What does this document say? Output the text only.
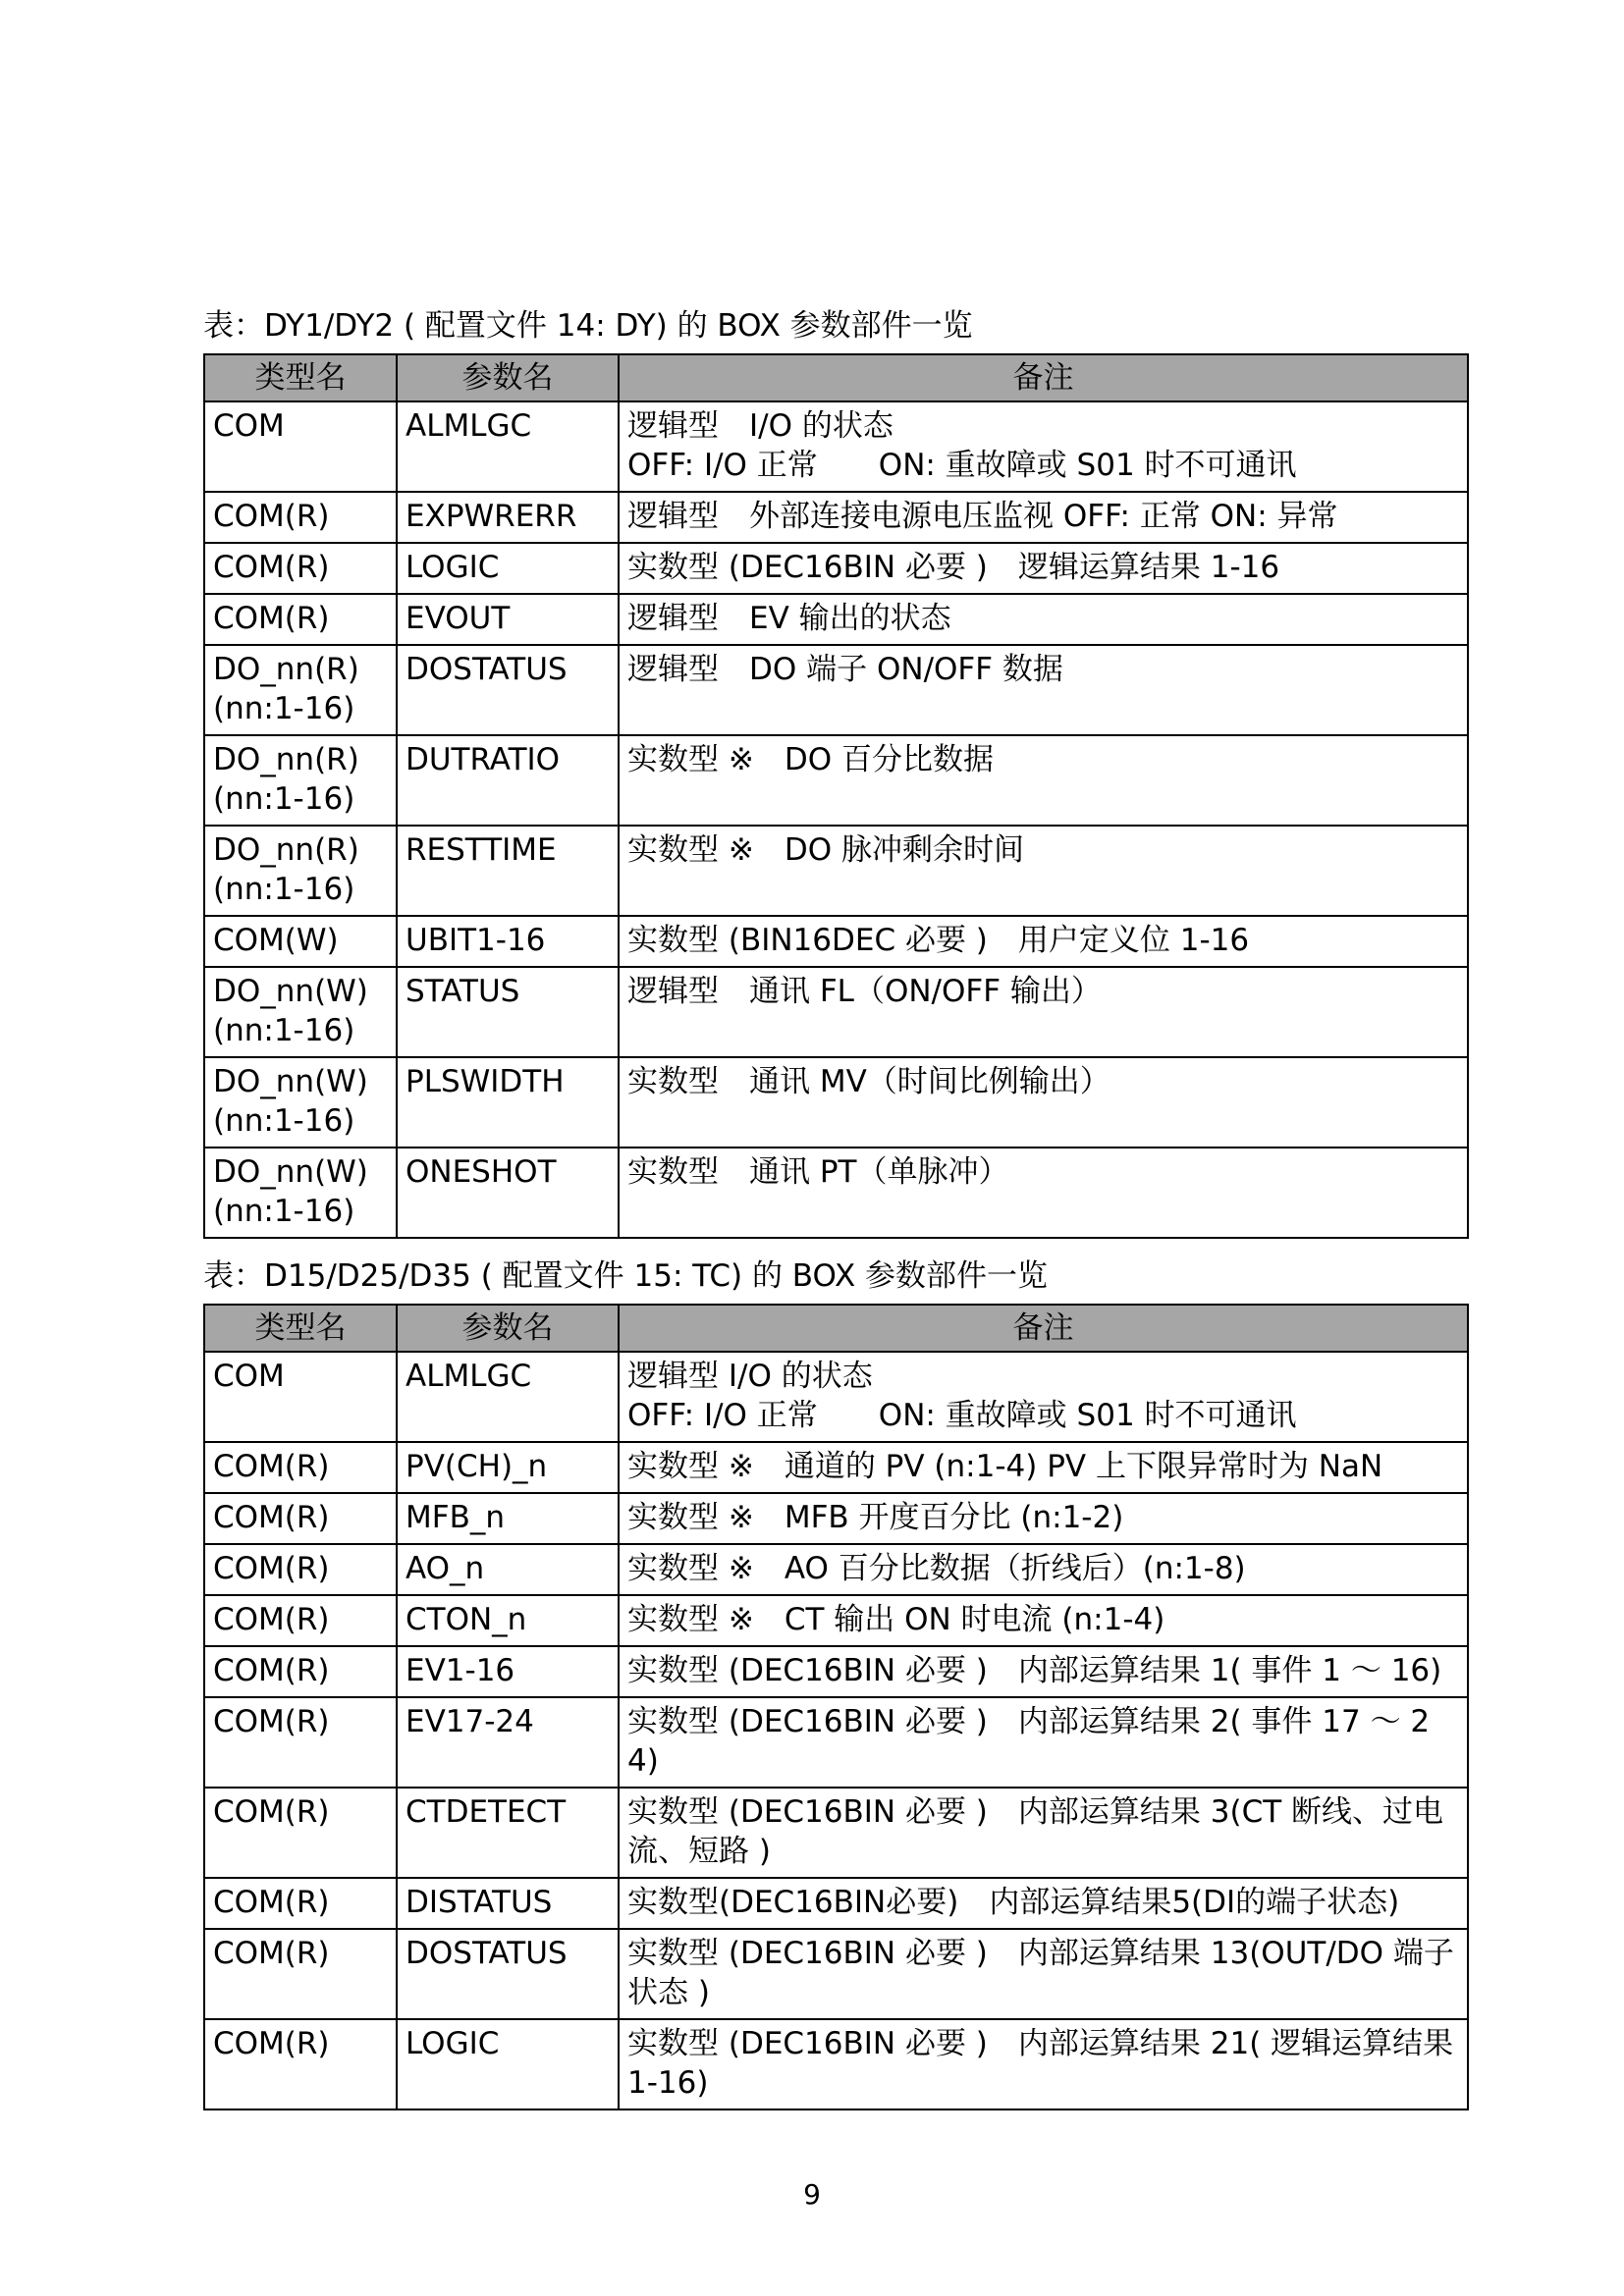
表：DY1/DY2 ( 配置文件 14: DY) 的 BOX 参数部件一览
类型名	参数名	备注

COM	ALMLGC	逻辑型　I/O 的状态
OFF: I/O 正常　　ON: 重故障或 S01 时不可通讯

COM(R)	EXPWRERR	逻辑型　外部连接电源电压监视 OFF: 正常 ON: 异常

COM(R)	LOGIC	实数型 (DEC16BIN 必要 )　逻辑运算结果 1-16

COM(R)	EVOUT	逻辑型　EV 输出的状态

DO_nn(R)
(nn:1-16)	DOSTATUS	逻辑型　DO 端子 ON/OFF 数据

DO_nn(R)
(nn:1-16)	DUTRATIO	实数型 ※　DO 百分比数据

DO_nn(R)
(nn:1-16)	RESTTIME	实数型 ※　DO 脉冲剩余时间

COM(W)	UBIT1-16	实数型 (BIN16DEC 必要 )　用户定义位 1-16

DO_nn(W)
(nn:1-16)	STATUS	逻辑型　通讯 FL（ON/OFF 输出）

DO_nn(W)
(nn:1-16)	PLSWIDTH	实数型　通讯 MV（时间比例输出）

DO_nn(W)
(nn:1-16)	ONESHOT	实数型　通讯 PT（单脉冲）
表：D15/D25/D35 ( 配置文件 15: TC) 的 BOX 参数部件一览
类型名	参数名	备注

COM	ALMLGC	逻辑型 I/O 的状态
OFF: I/O 正常　　ON: 重故障或 S01 时不可通讯

COM(R)	PV(CH)_n	实数型 ※　通道的 PV (n:1-4) PV 上下限异常时为 NaN

COM(R)	MFB_n	实数型 ※　MFB 开度百分比 (n:1-2)

COM(R)	AO_n	实数型 ※　AO 百分比数据（折线后）(n:1-8)

COM(R)	CTON_n	实数型 ※　CT 输出 ON 时电流 (n:1-4)

COM(R)	EV1-16	实数型 (DEC16BIN 必要 )　内部运算结果 1( 事件 1 ～ 16)

COM(R)	EV17-24	实数型 (DEC16BIN 必要 )　内部运算结果 2( 事件 17 ～ 24)

COM(R)	CTDETECT	实数型 (DEC16BIN 必要 )　内部运算结果 3(CT 断线、过电流、短路 )

COM(R)	DISTATUS	实数型(DEC16BIN必要)　内部运算结果5(DI的端子状态)

COM(R)	DOSTATUS	实数型 (DEC16BIN 必要 )　内部运算结果 13(OUT/DO 端子状态 )

COM(R)	LOGIC	实数型 (DEC16BIN 必要 )　内部运算结果 21( 逻辑运算结果 1-16)
9
